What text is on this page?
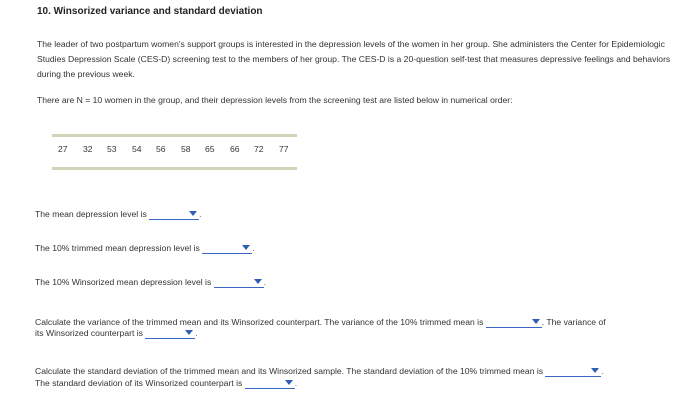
10. Winsorized variance and standard deviation
The leader of two postpartum women's support groups is interested in the depression levels of the women in her group. She administers the Center for Epidemiologic Studies Depression Scale (CES-D) screening test to the members of her group. The CES-D is a 20-question self-test that measures depressive feelings and behaviors during the previous week.
There are N = 10 women in the group, and their depression levels from the screening test are listed below in numerical order:
27	32	53	54	56	58	65	66	72	77
The mean depression level is	.
The 10% trimmed mean depression level is	.
The 10% Winsorized mean depression level is	.
Calculate the variance of the trimmed mean and its Winsorized counterpart. The variance of the 10% trimmed mean is	. The variance of
its Winsorized counterpart is	.
Calculate the standard deviation of the trimmed mean and its Winsorized sample. The standard deviation of the 10% trimmed mean is	.
The standard deviation of its Winsorized counterpart is	.
